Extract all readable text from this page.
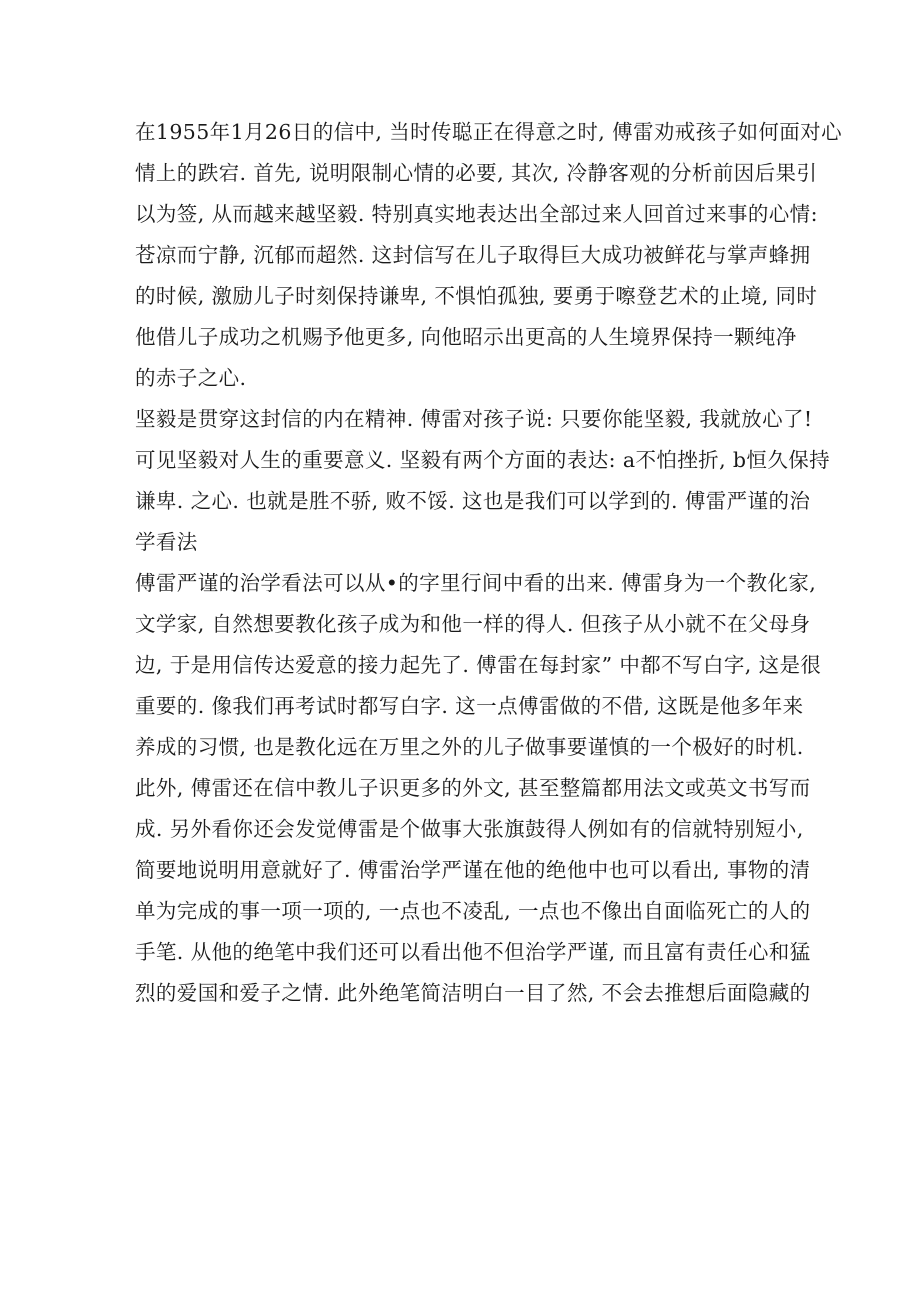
在1955年1月26日的信中, 当时传聪正在得意之时, 傅雷劝戒孩子如何面对心
情上的跌宕. 首先, 说明限制心情的必要, 其次, 冷静客观的分析前因后果引
以为签, 从而越来越坚毅. 特别真实地表达出全部过来人回首过来事的心情:
苍凉而宁静, 沉郁而超然. 这封信写在儿子取得巨大成功被鲜花与掌声蜂拥
的时候, 激励儿子时刻保持谦卑, 不惧怕孤独, 要勇于嚓登艺术的止境, 同时
他借儿子成功之机赐予他更多, 向他昭示出更高的人生境界保持一颗纯净
的赤子之心.
坚毅是贯穿这封信的内在精神. 傅雷对孩子说: 只要你能坚毅, 我就放心了!
可见坚毅对人生的重要意义. 坚毅有两个方面的表达: a不怕挫折, b恒久保持
谦卑. 之心. 也就是胜不骄, 败不馁. 这也是我们可以学到的. 傅雷严谨的治
学看法
傅雷严谨的治学看法可以从•的字里行间中看的出来. 傅雷身为一个教化家,
文学家, 自然想要教化孩子成为和他一样的得人. 但孩子从小就不在父母身
边, 于是用信传达爱意的接力起先了. 傅雷在每封家” 中都不写白字, 这是很
重要的. 像我们再考试时都写白字. 这一点傅雷做的不借, 这既是他多年来
养成的习惯, 也是教化远在万里之外的儿子做事要谨慎的一个极好的时机.
此外, 傅雷还在信中教儿子识更多的外文, 甚至整篇都用法文或英文书写而
成. 另外看你还会发觉傅雷是个做事大张旗鼓得人例如有的信就特别短小,
简要地说明用意就好了. 傅雷治学严谨在他的绝他中也可以看出, 事物的清
单为完成的事一项一项的, 一点也不凌乱, 一点也不像出自面临死亡的人的
手笔. 从他的绝笔中我们还可以看出他不但治学严谨, 而且富有责任心和猛
烈的爱国和爱子之情. 此外绝笔简洁明白一目了然, 不会去推想后面隐藏的
